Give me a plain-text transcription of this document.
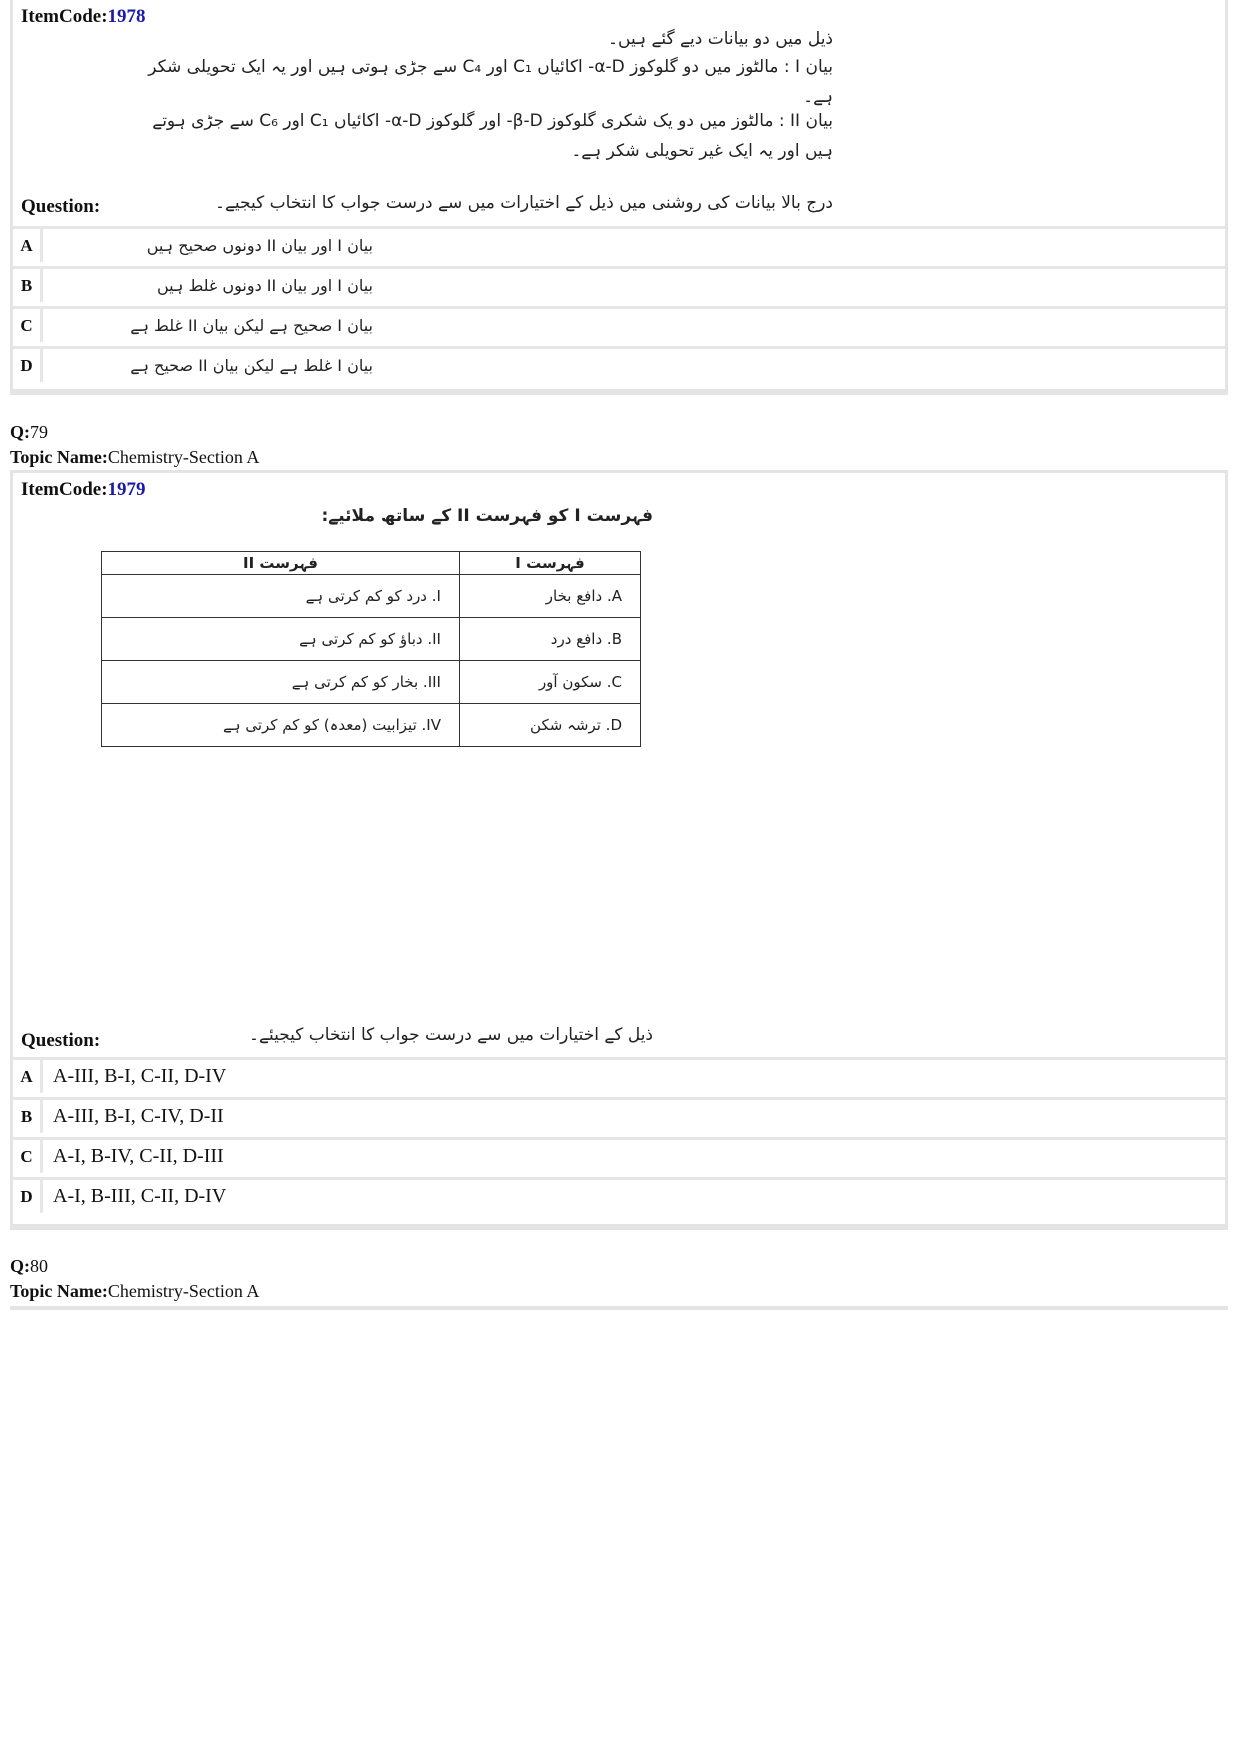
ItemCode:1978
ذیل میں دو بیانات دیے گئے ہیں۔
بیان I : مالٹوز میں دو گلوکوز α-D- اکائیاں C₁ اور C₄ سے جڑی ہوتی ہیں اور یہ ایک تحویلی شکر
ہے۔
بیان II : مالٹوز میں دو یک شکری گلوکوز β-D- اور گلوکوز α-D- اکائیاں C₁ اور C₆ سے جڑی ہوتے
ہیں اور یہ ایک غیر تحویلی شکر ہے۔
Question:	درج بالا بیانات کی روشنی میں ذیل کے اختیارات میں سے درست جواب کا انتخاب کیجیے۔
A	بیان I اور بیان II دونوں صحیح ہیں
B	بیان I اور بیان II دونوں غلط ہیں
C	بیان I صحیح ہے لیکن بیان II غلط ہے
D	بیان I غلط ہے لیکن بیان II صحیح ہے
Q:79
Topic Name:Chemistry-Section A
ItemCode:1979
فہرست I کو فہرست II کے ساتھ ملائیے:
فہرست I	فہرست II
A. دافع بخار	I. درد کو کم کرتی ہے
B. دافع درد	II. دباؤ کو کم کرتی ہے
C. سکون آور	III. بخار کو کم کرتی ہے
D. ترشہ شکن	IV. تیزابیت (معدہ) کو کم کرتی ہے
Question:	ذیل کے اختیارات میں سے درست جواب کا انتخاب کیجیئے۔
A	A-III, B-I, C-II, D-IV
B	A-III, B-I, C-IV, D-II
C	A-I, B-IV, C-II, D-III
D	A-I, B-III, C-II, D-IV
Q:80
Topic Name:Chemistry-Section A
